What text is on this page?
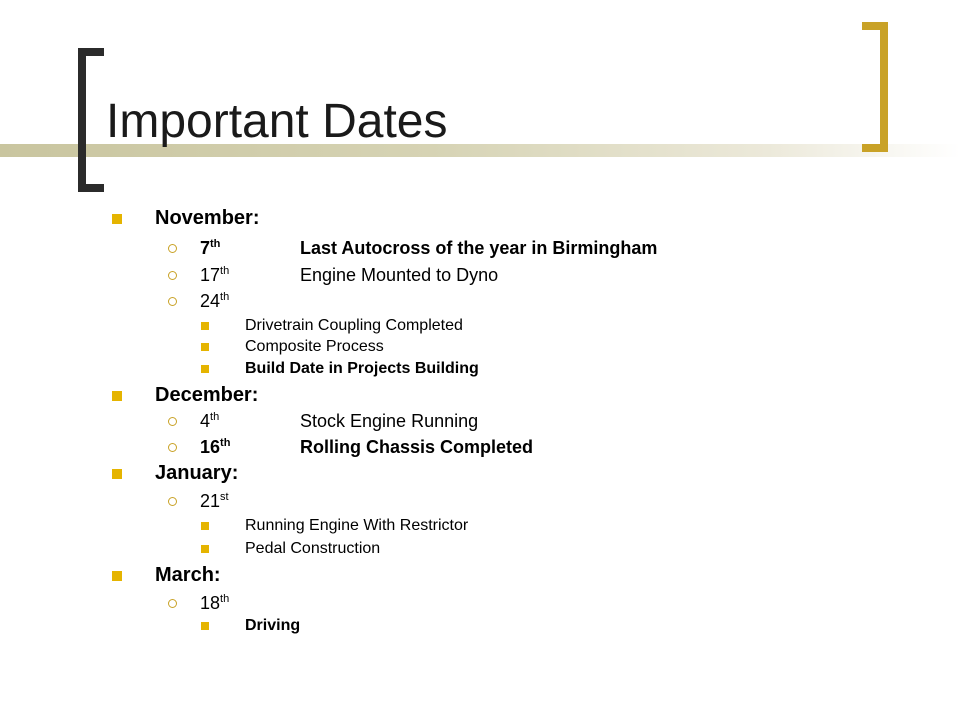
Important Dates
November:
7th	Last Autocross of the year in Birmingham
17th	Engine Mounted to Dyno
24th
Drivetrain Coupling Completed
Composite Process
Build Date in Projects Building
December:
4th	Stock Engine Running
16th	Rolling Chassis Completed
January:
21st
Running Engine With Restrictor
Pedal Construction
March:
18th
Driving
